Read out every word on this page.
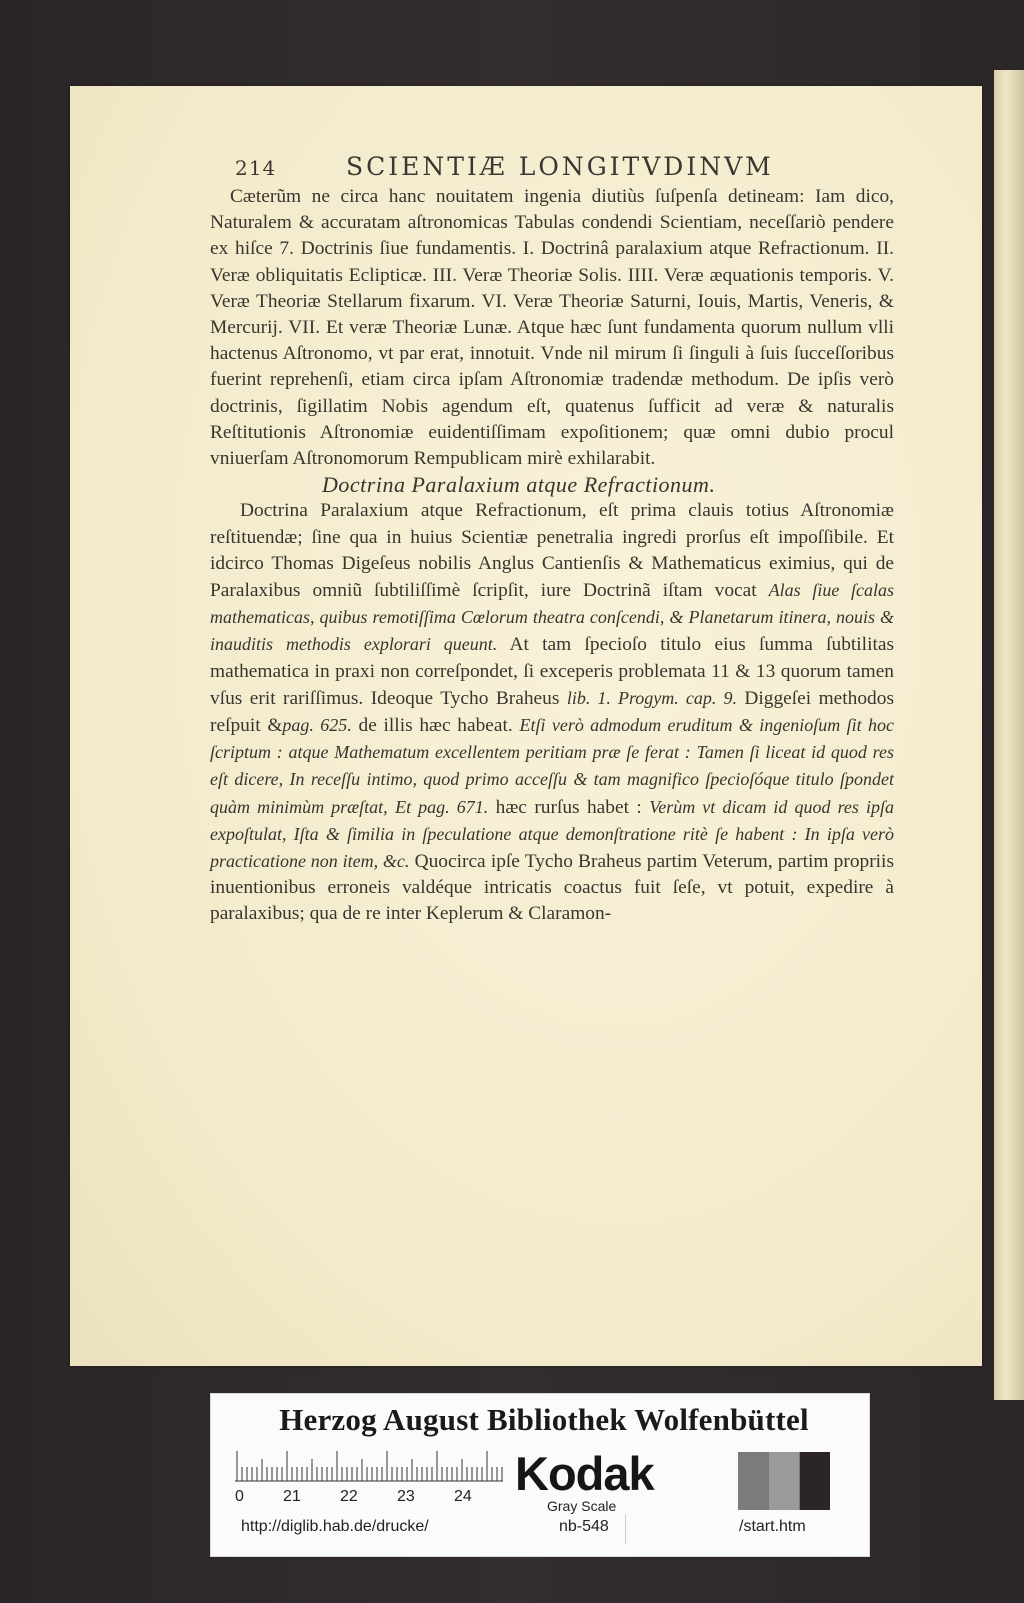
214	SCIENTIÆ LONGITVDINVM

Cæterũm ne circa hanc nouitatem ingenia diutiùs ſuſpenſa detineam: Iam dico, Naturalem & accuratam aſtronomicas Tabulas condendi Scientiam, neceſſariò pendere ex hiſce 7. Doctrinis ſiue fundamentis. I. Doctrinâ paralaxium atque Refractionum. II. Veræ obliquitatis Eclipticæ. III. Veræ Theoriæ Solis. IIII. Veræ æquationis temporis. V. Veræ Theoriæ Stellarum fixarum. VI. Veræ Theoriæ Saturni, Iouis, Martis, Veneris, & Mercurij. VII. Et veræ Theoriæ Lunæ. Atque hæc ſunt fundamenta quorum nullum vlli hactenus Aſtronomo, vt par erat, innotuit. Vnde nil mirum ſi ſinguli à ſuis ſucceſſoribus fuerint reprehenſi, etiam circa ipſam Aſtronomiæ tradendæ methodum. De ipſis verò doctrinis, ſigillatim Nobis agendum eſt, quatenus ſufficit ad veræ & naturalis Reſtitutionis Aſtronomiæ euidentiſſimam expoſitionem; quæ omni dubio procul vniuerſam Aſtronomorum Rempublicam mirè exhilarabit.

Doctrina Paralaxium atque Refractionum.

Doctrina Paralaxium atque Refractionum, eſt prima clauis totius Aſtronomiæ reſtituendæ; ſine qua in huius Scientiæ penetralia ingredi prorſus eſt impoſſibile. Et idcirco Thomas Digeſeus nobilis Anglus Cantienſis & Mathematicus eximius, qui de Paralaxibus omniũ ſubtiliſſimè ſcripſit, iure Doctrinã iſtam vocat Alas ſiue ſcalas mathematicas, quibus remotiſſima Cœlorum theatra conſcendi, & Planetarum itinera, nouis & inauditis methodis explorari queunt. At tam ſpecioſo titulo eius ſumma ſubtilitas mathematica in praxi non correſpondet, ſi exceperis problemata 11 & 13 quorum tamen vſus erit rariſſimus. Ideoque Tycho Braheus lib. 1. Progym. cap. 9. Diggeſei methodos reſpuit &pag. 625. de illis hæc habeat. Etſi verò admodum eruditum & ingenioſum ſit hoc ſcriptum : atque Mathematum excellentem peritiam præ ſe ferat : Tamen ſi liceat id quod res eſt dicere, In receſſu intimo, quod primo acceſſu & tam magnifico ſpecioſóque titulo ſpondet quàm minimùm præſtat, Et pag. 671. hæc rurſus habet : Verùm vt dicam id quod res ipſa expoſtulat, Iſta & ſimilia in ſpeculatione atque demonſtratione ritè ſe habent : In ipſa verò practicatione non item, &c. Quocirca ipſe Tycho Braheus partim Veterum, partim propriis inuentionibus erroneis valdéque intricatis coactus fuit ſeſe, vt potuit, expedire à paralaxibus; qua de re inter Keplerum & Claramon-

Herzog August Bibliothek Wolfenbüttel
0 21 22 23 24 Kodak
Gray Scale
http://diglib.hab.de/drucke/	nb-548	/start.htm
